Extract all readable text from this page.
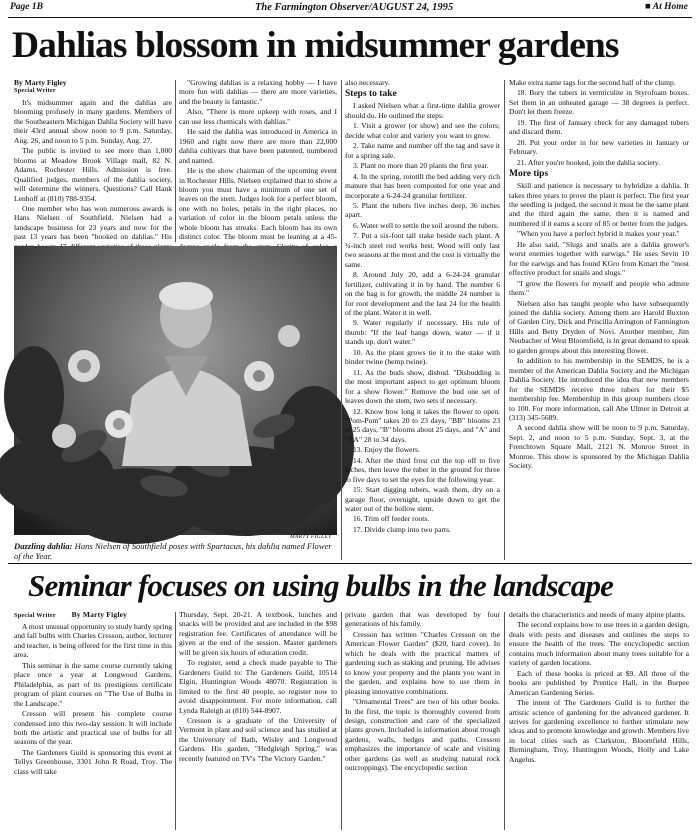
Page 1B	The Farmington Observer/AUGUST 24, 1995	■ At Home
Dahlias blossom in midsummer gardens
By Marty Figley
Special Writer

It's midsummer again and the dahlias are blooming profusely in many gardens. Members of the Southeastern Michigan Dahlia Society will have their 43rd annual show noon to 9 p.m. Saturday, Aug. 26, and noon to 5 p.m. Sunday, Aug. 27.

The public is invited to see more than 1,000 blooms at Meadow Brook Village mall, 82 N. Adams, Rochester Hills. Admission is free. Qualified judges, members of the dahlia society, will determine the winners. Questions? Call Hank Lenhoff at (810) 788-9354.

One member who has won numerous awards is Hans Nielsen of Southfield. Nielsen had a landscape business for 23 years and now for the past 13 years has been "hooked on dahlias." His

"Growing dahlias is a relaxing hobby — I have more fun with dahlias — there are more varieties, and the beauty is fantastic."

Also, "There is more upkeep with roses, and I can use less chemicals with dahlias."

He said the dahlia was introduced in America in 1960 and right now there are more than 22,000 dahlia cultivars that have been patented, numbered and named.

He is the show chairman of the upcoming event in Rochester Hills. Nielsen explained that to show a bloom you must have a minimum of one set of leaves on the stem. Judges look for a perfect bloom, one with no holes, petals in the right places, no variation of color in the bloom petals unless the whole bloom has streaks. Each bloom has its own distinct color. The bloom must be leaning at a 45-

MARTY FIGLEY
Dazzling dahlia: Hans Nielsen of Southfield poses with Spartacus, his dahlia named Flower of the Year.

also necessary.

Steps to take

I asked Nielsen what a first-time dahlia grower should do. He outlined the steps:

1. Visit a grower (or show) and see the colors; decide what color and variety you want to grow.

2. Take name and number off the tag and save it for a spring sale.

3. Plant no more than 20 plants the first year.

4. In the spring, rototill the bed adding very rich manure that has been composted for one year and incorporate a 6-24-24 granular fertilizer.

5. Plant the tubers five inches deep, 36 inches apart.

6. Water well to settle the soil around the tubers.

7. Put a six-foot tall stake beside each plant. A ¾-inch steel rod works best. Wood will only last two seasons at the most and the cost is virtually the same.

8. Around July 20, add a 6-24-24 granular fertilizer, cultivating it in by hand. The number 6 on the bag is for growth, the middle 24 number is for root development and the last 24 for the health of the plant. Water it in well.

9. Water regularly if necessary. His rule of thumb: "If the leaf hangs down, water — if it stands up, don't water."

10. As the plant grows tie it to the stake with binder twine (hemp twine).

11. As the buds show, disbud. "Disbudding is the most important aspect to get optimum bloom for a show flower." Remove the bud one set of leaves down the stem, two sets if necessary.

12. Know how long it takes the flower to open. "Pom-Pom" takes 20 to 23 days, "BB" blooms 23 to 25 days, "B" blooms about 25 days, and "A" and "AA" 28 to 34 days.

13. Enjoy the flowers.

14. After the third frost cut the top off to five inches, then leave the tuber in the ground for three to five days to set the eyes for the following year.

15. Start digging tubers, wash them, dry on a garage floor, overnight, upside down to get the water out of the hollow stem.

16. Trim off feeder roots.

17. Divide clump into two parts.

Make extra name tags for the second half of the clump.

18. Bury the tubers in vermiculite in Styrofoam boxes. Set them in an unheated garage — 38 degrees is perfect. Don't let them freeze.

19. The first of January check for any damaged tubers and discard them.

20. Put your order in for new varieties in January or February.

21. After you're hooked, join the dahlia society.

More tips

Skill and patience is necessary to hybridize a dahlia. It takes three years to prove the plant is perfect. The first year the seedling is judged, the second it must be the same plant and the third again the same, then it is named and numbered if it earns a score of 85 or better from the judges.

"When you have a perfect hybrid it makes your year."

He also said, "Slugs and snails are a dahlia grower's worst enemies together with earwigs." He uses Sevin 10 for the earwigs and has found KGro from Kmart the "most effective product for snails and slugs."

"I grow the flowers for myself and people who admire them."

Nielsen also has taught people who have subsequently joined the dahlia society. Among them are Harold Buxton of Garden City, Dick and Priscilla Arrington of Farmington Hills and Betty Dryden of Novi. Another member, Jim Neubacher of West Bloomfield, is in great demand to speak to garden groups about this interesting flower.

In addition to his membership in the SEMDS, he is a member of the American Dahlia Society and the Michigan Dahlia Society. He introduced the idea that new members for the SEMDS receive three tubers for their $5 membership fee. Membership in this group numbers close to 100. For more information, call Abe Ulmer in Detroit at (313) 345-5689.

A second dahlia show will be noon to 9 p.m. Saturday, Sept. 2, and noon to 5 p.m. Sunday, Sept. 3, at the Frenchtown Square Mall, 2121 N. Monroe Street in Monroe. This show is sponsored by the Michigan Dahlia Society.

Seminar focuses on using bulbs in the landscape
Special Writer By Marty Figley

A most unusual opportunity to study hardy spring and fall bulbs with Charles Cresson, author, lecturer and teacher, is being offered for the first time in this area.

This seminar is the same course currently taking place once a year at Longwood Gardens, Philadelphia, as part of its prestigious certificate program of plant courses on "The Use of Bulbs in the Landscape."

Cresson will present his complete course condensed into this two-day session. It will include both the artistic and practical use of bulbs for all seasons of the year.

The Gardeners Guild is sponsoring this event at Tellys Greenhouse, 3301 John R Road, Troy. The class will take

Thursday, Sept. 20-21. A textbook, lunches and snacks will be provided and are included in the $98 registration fee. Certificates of attendance will be given at the end of the session. Master gardeners will be given six hours of education credit.

To register, send a check made payable to The Gardeners Guild to: The Gardeners Guild, 10514 Elgin, Huntington Woods 48070. Registration is limited to the first 40 people, so register now to avoid disappointment. For more information, call Lynda Raleigh at (810) 544-8907.

Cresson is a graduate of the University of Vermont in plant and soil science and has studied at the University of Bath, Wisley and Longwood Gardens. His garden, "Hedgleigh Spring," was recently featured on TV's "The Victory Garden."

private garden that was developed by four generations of his family.

Cresson has written "Charles Cresson on the American Flower Garden" ($20, hard cover). In which he deals with the practical matters of gardening such as staking and pruning. He advises to know your property and the plants you want in the garden, and explains how to use them in pleasing innovative combinations.

"Ornamental Trees" are two of his other books. In the first, the topic is thoroughly covered from design, construction and care of the specialized plants grown. Included is information about trough gardens, walls, hedges and paths. Cresson emphasizes the importance of scale and visiting other gardens (as well as studying natural rock outcroppings). The encyclopedic section

details the characteristics and needs of many alpine plants.

The second explains how to use trees in a garden design, deals with pests and diseases and outlines the steps to ensure the health of the trees. The encyclopedic section contains much information about many trees suitable for a variety of garden locations.

Each of these books is priced at $9. All three of the books are published by Prentice Hall, in the Burpee American Gardening Series.

The intent of The Gardeners Guild is to further the artistic science of gardening for the advanced gardener. It strives for gardening excellence to further stimulate new ideas and to promote knowledge and growth. Members live in local cities such as Clarkston, Bloomfield Hills, Birmingham, Troy, Huntington Woods, Holly and Lake Angelus.
